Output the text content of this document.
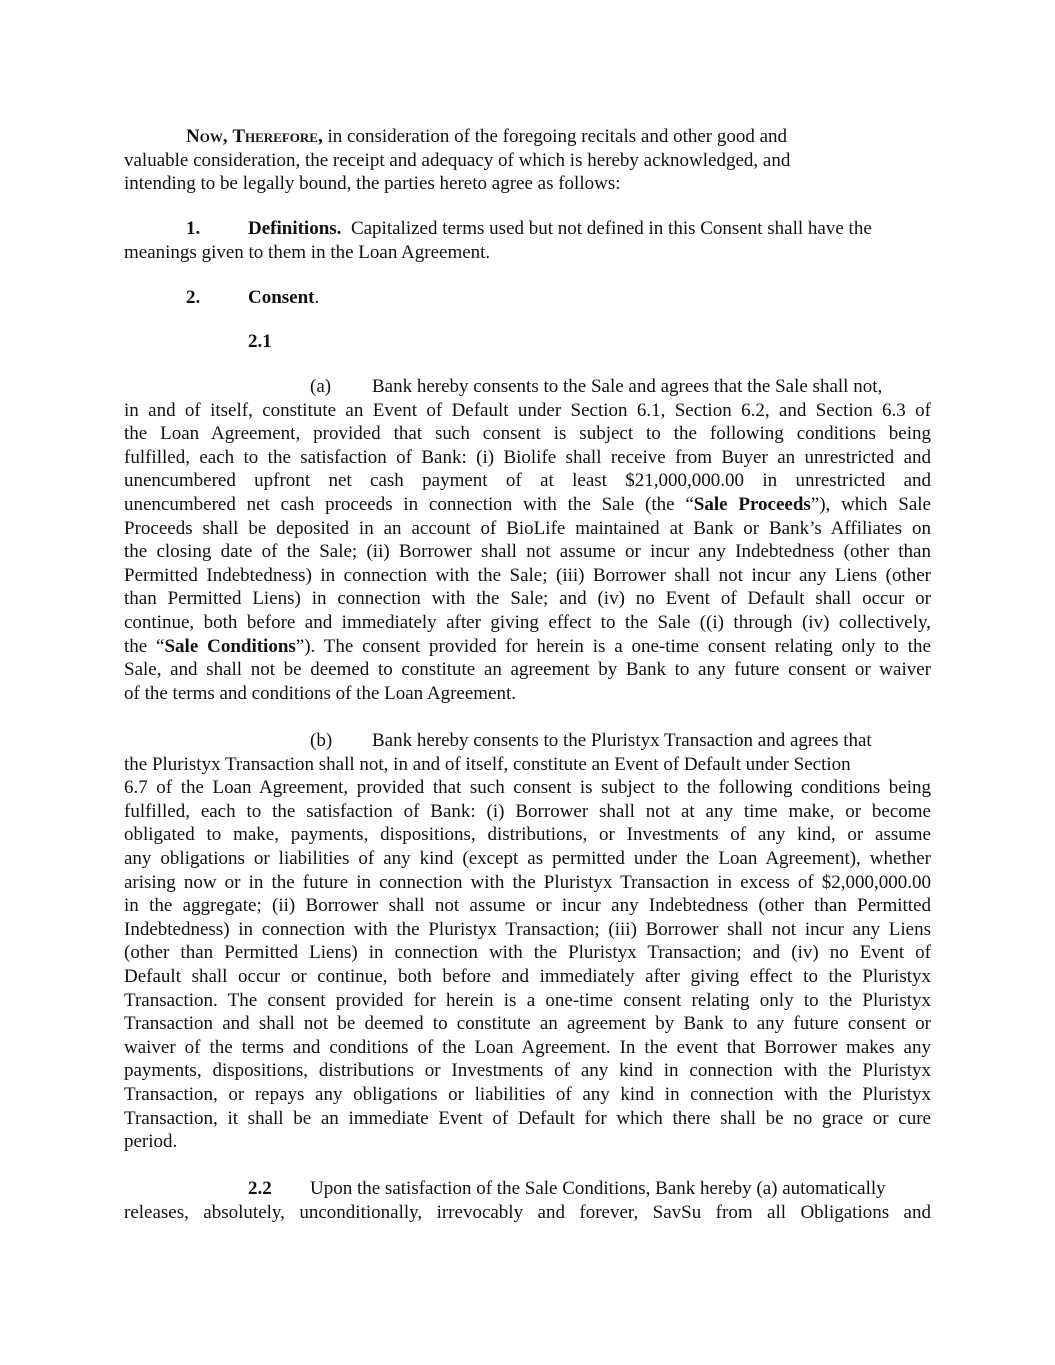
Now, Therefore, in consideration of the foregoing recitals and other good and
valuable consideration, the receipt and adequacy of which is hereby acknowledged, and
intending to be legally bound, the parties hereto agree as follows:
1.	Definitions. Capitalized terms used but not defined in this Consent shall have the
meanings given to them in the Loan Agreement.
2.	Consent.
2.1
(a) Bank hereby consents to the Sale and agrees that the Sale shall not,
in and of itself, constitute an Event of Default under Section 6.1, Section 6.2, and Section 6.3 of
the Loan Agreement, provided that such consent is subject to the following conditions being
fulfilled, each to the satisfaction of Bank: (i) Biolife shall receive from Buyer an unrestricted and
unencumbered upfront net cash payment of at least $21,000,000.00 in unrestricted and
unencumbered net cash proceeds in connection with the Sale (the “Sale Proceeds”), which Sale
Proceeds shall be deposited in an account of BioLife maintained at Bank or Bank’s Affiliates on
the closing date of the Sale; (ii) Borrower shall not assume or incur any Indebtedness (other than
Permitted Indebtedness) in connection with the Sale; (iii) Borrower shall not incur any Liens (other
than Permitted Liens) in connection with the Sale; and (iv) no Event of Default shall occur or
continue, both before and immediately after giving effect to the Sale ((i) through (iv) collectively,
the “Sale Conditions”). The consent provided for herein is a one-time consent relating only to the
Sale, and shall not be deemed to constitute an agreement by Bank to any future consent or waiver
of the terms and conditions of the Loan Agreement.
(b) Bank hereby consents to the Pluristyx Transaction and agrees that
the Pluristyx Transaction shall not, in and of itself, constitute an Event of Default under Section
6.7 of the Loan Agreement, provided that such consent is subject to the following conditions being
fulfilled, each to the satisfaction of Bank: (i) Borrower shall not at any time make, or become
obligated to make, payments, dispositions, distributions, or Investments of any kind, or assume
any obligations or liabilities of any kind (except as permitted under the Loan Agreement), whether
arising now or in the future in connection with the Pluristyx Transaction in excess of $2,000,000.00
in the aggregate; (ii) Borrower shall not assume or incur any Indebtedness (other than Permitted
Indebtedness) in connection with the Pluristyx Transaction; (iii) Borrower shall not incur any Liens
(other than Permitted Liens) in connection with the Pluristyx Transaction; and (iv) no Event of
Default shall occur or continue, both before and immediately after giving effect to the Pluristyx
Transaction. The consent provided for herein is a one-time consent relating only to the Pluristyx
Transaction and shall not be deemed to constitute an agreement by Bank to any future consent or
waiver of the terms and conditions of the Loan Agreement. In the event that Borrower makes any
payments, dispositions, distributions or Investments of any kind in connection with the Pluristyx
Transaction, or repays any obligations or liabilities of any kind in connection with the Pluristyx
Transaction, it shall be an immediate Event of Default for which there shall be no grace or cure
period.
2.2 Upon the satisfaction of the Sale Conditions, Bank hereby (a) automatically
releases, absolutely, unconditionally, irrevocably and forever, SavSu from all Obligations and
